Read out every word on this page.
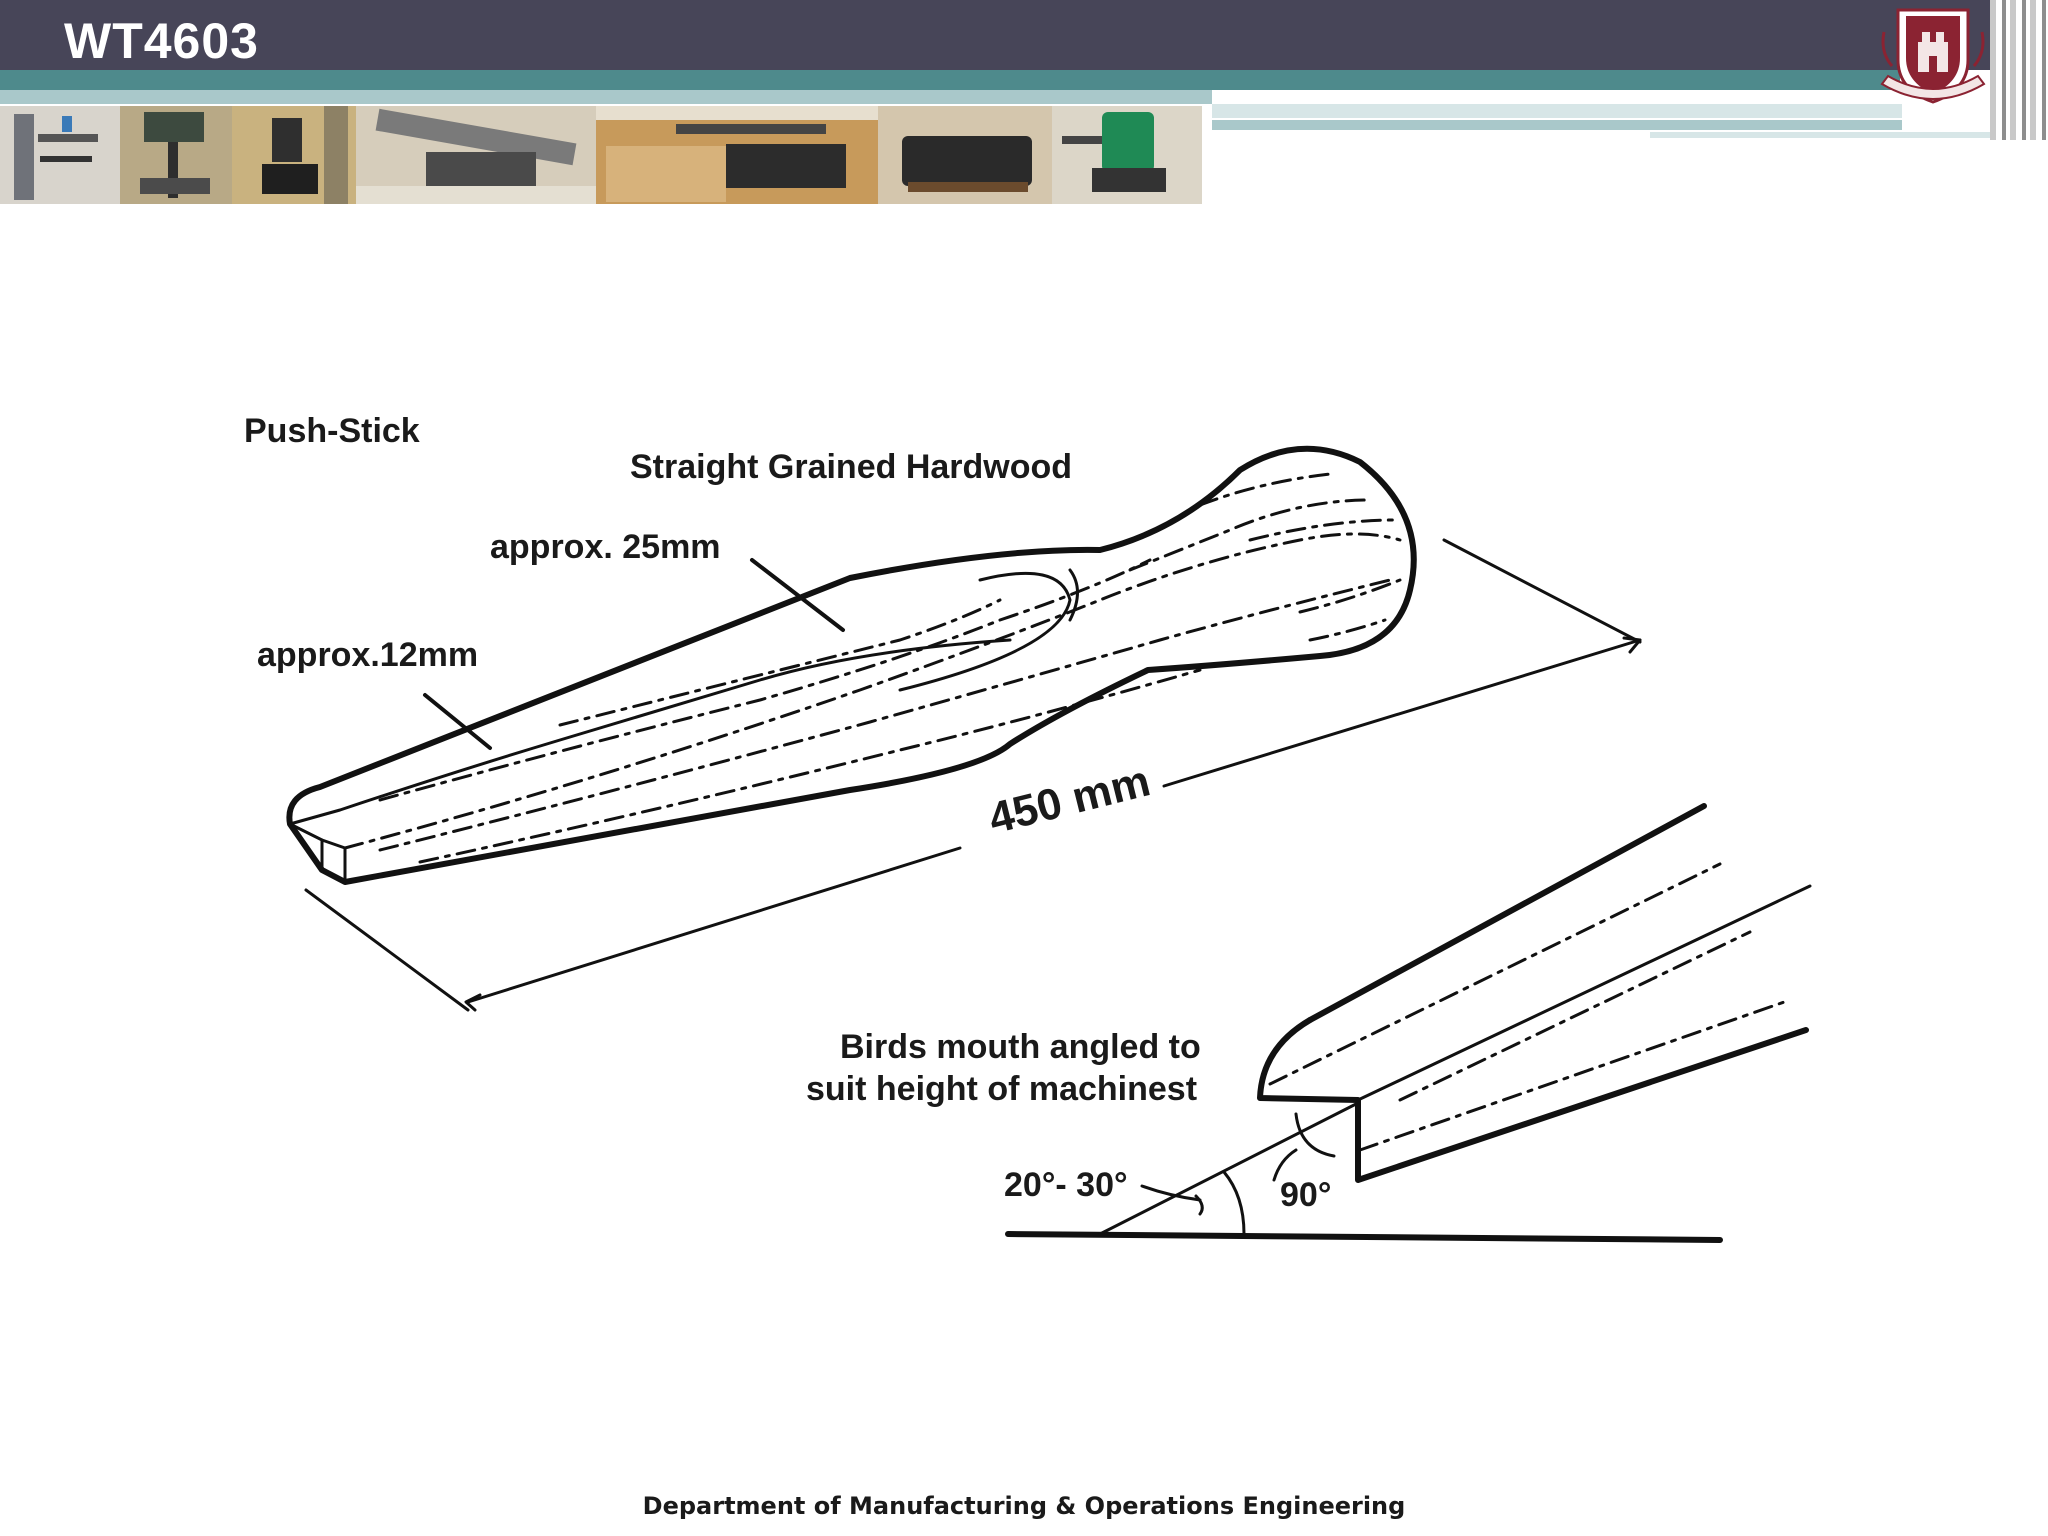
WT4603
Push-Stick
Straight Grained Hardwood
approx. 25mm
approx.12mm
450 mm
Birds mouth angled to
suit height of machinest
20°- 30°	90°
Department of Manufacturing & Operations Engineering
